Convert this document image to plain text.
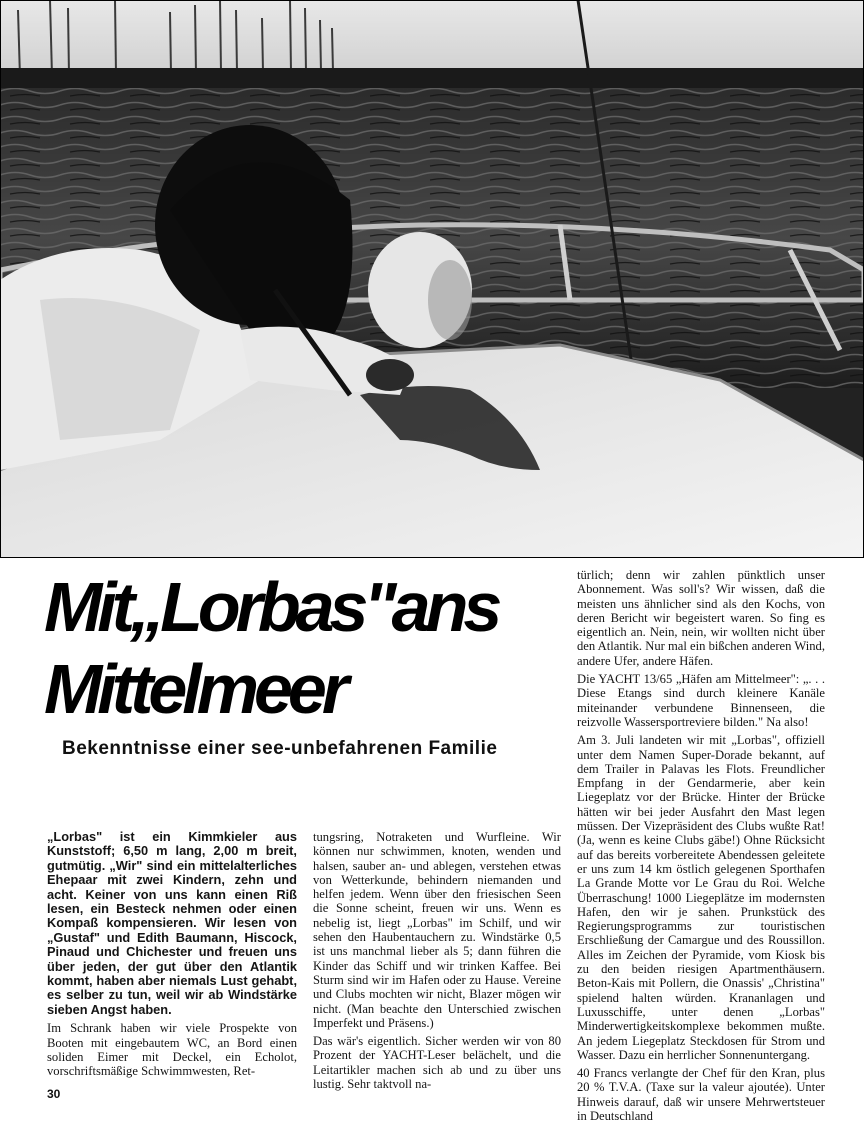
Mit„Lorbas"ans
Mittelmeer
Bekenntnisse einer see-unbefahrenen Familie

„Lorbas" ist ein Kimmkieler aus Kunststoff; 6,50 m lang, 2,00 m breit, gutmütig. „Wir" sind ein mittelalterliches Ehepaar mit zwei Kindern, zehn und acht. Keiner von uns kann einen Riß lesen, ein Besteck nehmen oder einen Kompaß kompensieren. Wir lesen von „Gustaf" und Edith Baumann, Hiscock, Pinaud und Chichester und freuen uns über jeden, der gut über den Atlantik kommt, haben aber niemals Lust gehabt, es selber zu tun, weil wir ab Windstärke sieben Angst haben.

Im Schrank haben wir viele Prospekte von Booten mit eingebautem WC, an Bord einen soliden Eimer mit Deckel, ein Echolot, vorschriftsmäßige Schwimmwesten, Ret-

tungsring, Notraketen und Wurfleine. Wir können nur schwimmen, knoten, wenden und halsen, sauber an- und ablegen, verstehen etwas von Wetterkunde, behindern niemanden und helfen jedem. Wenn über den friesischen Seen die Sonne scheint, freuen wir uns. Wenn es nebelig ist, liegt „Lorbas" im Schilf, und wir sehen den Haubentauchern zu. Windstärke 0,5 ist uns manchmal lieber als 5; dann führen die Kinder das Schiff und wir trinken Kaffee. Bei Sturm sind wir im Hafen oder zu Hause. Vereine und Clubs mochten wir nicht, Blazer mögen wir nicht. (Man beachte den Unterschied zwischen Imperfekt und Präsens.)

Das wär's eigentlich. Sicher werden wir von 80 Prozent der YACHT-Leser belächelt, und die Leitartikler machen sich ab und zu über uns lustig. Sehr taktvoll na-

türlich; denn wir zahlen pünktlich unser Abonnement. Was soll's? Wir wissen, daß die meisten uns ähnlicher sind als den Kochs, von deren Bericht wir begeistert waren. So fing es eigentlich an. Nein, nein, wir wollten nicht über den Atlantik. Nur mal ein bißchen anderen Wind, andere Ufer, andere Häfen.

Die YACHT 13/65 „Häfen am Mittelmeer": „. . . Diese Etangs sind durch kleinere Kanäle miteinander verbundene Binnenseen, die reizvolle Wassersportreviere bilden." Na also!

Am 3. Juli landeten wir mit „Lorbas", offiziell unter dem Namen Super-Dorade bekannt, auf dem Trailer in Palavas les Flots. Freundlicher Empfang in der Gendarmerie, aber kein Liegeplatz vor der Brücke. Hinter der Brücke hätten wir bei jeder Ausfahrt den Mast legen müssen. Der Vizepräsident des Clubs wußte Rat! (Ja, wenn es keine Clubs gäbe!) Ohne Rücksicht auf das bereits vorbereitete Abendessen geleitete er uns zum 14 km östlich gelegenen Sporthafen La Grande Motte vor Le Grau du Roi. Welche Überraschung! 1000 Liegeplätze im modernsten Hafen, den wir je sahen. Prunkstück des Regierungsprogramms zur touristischen Erschließung der Camargue und des Roussillon. Alles im Zeichen der Pyramide, vom Kiosk bis zu den beiden riesigen Apartmenthäusern. Beton-Kais mit Pollern, die Onassis' „Christina" spielend halten würden. Krananlagen und Luxusschiffe, unter denen „Lorbas" Minderwertigkeitskomplexe bekommen mußte. An jedem Liegeplatz Steckdosen für Strom und Wasser. Dazu ein herrlicher Sonnenuntergang.

40 Francs verlangte der Chef für den Kran, plus 20 % T.V.A. (Taxe sur la valeur ajoutée). Unter Hinweis darauf, daß wir unsere Mehrwertsteuer in Deutschland

30
